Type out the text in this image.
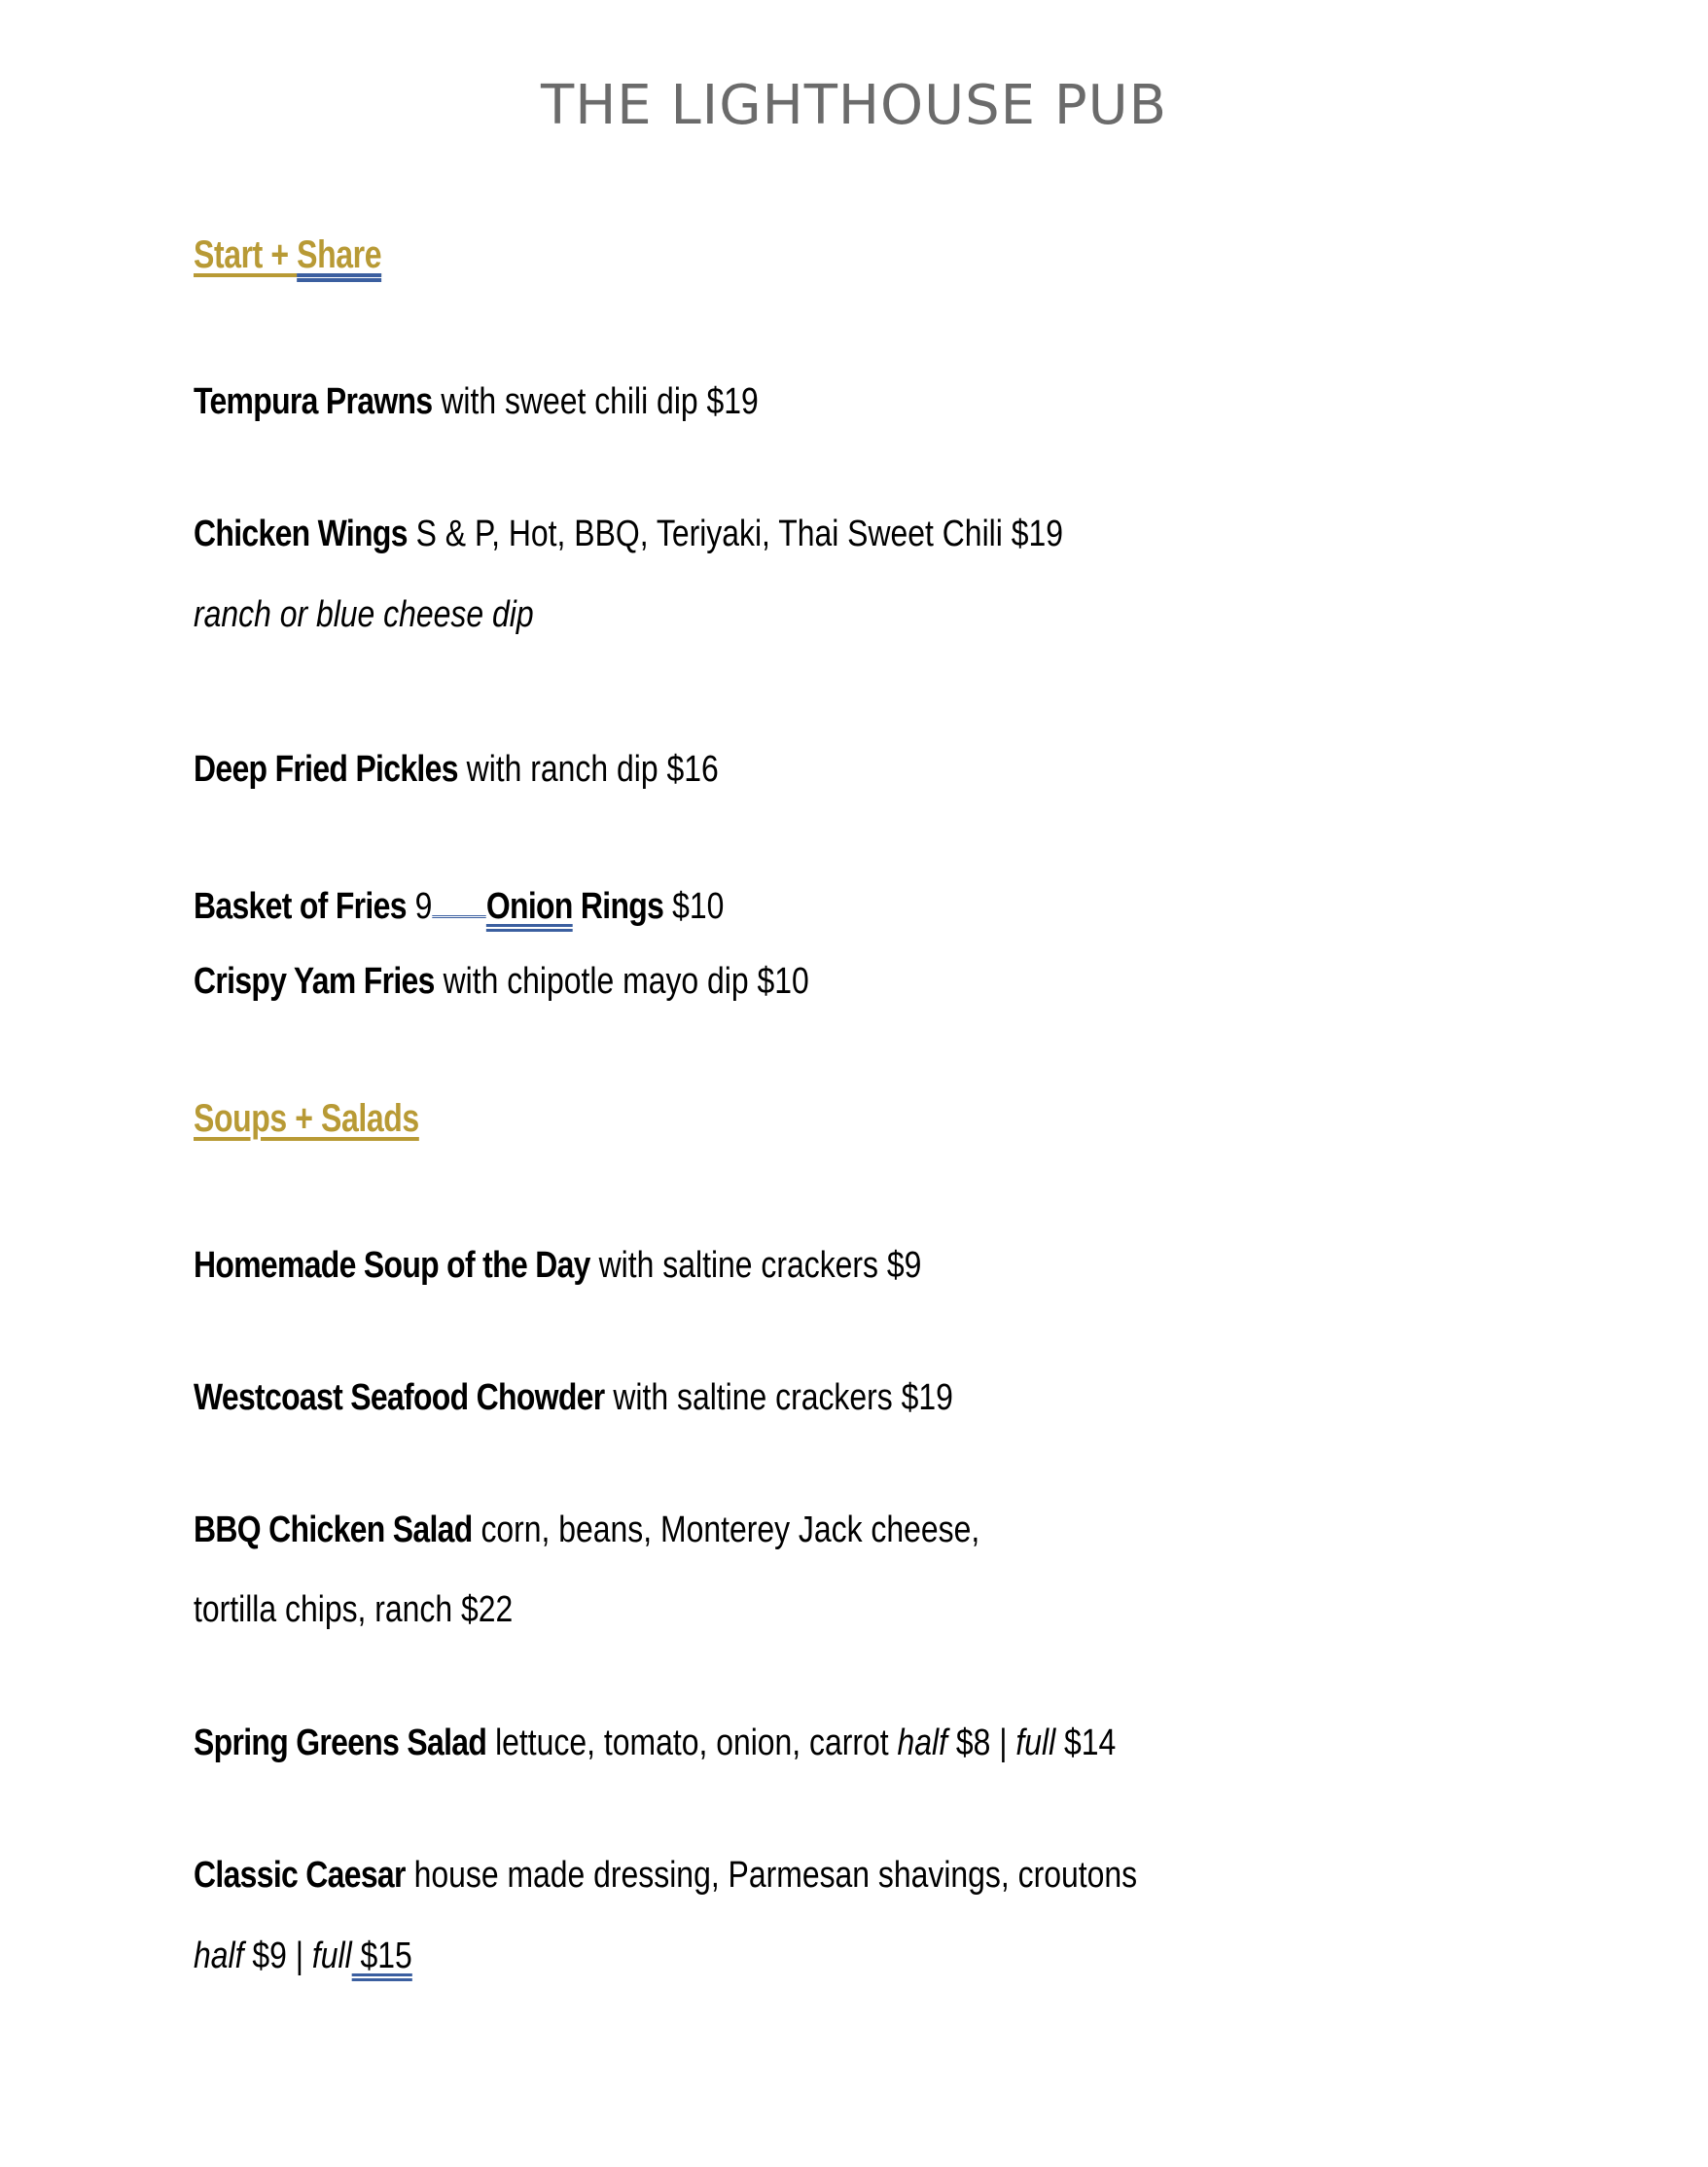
THE LIGHTHOUSE PUB
Start + Share
Tempura Prawns with sweet chili dip $19
Chicken Wings S & P, Hot, BBQ, Teriyaki, Thai Sweet Chili $19
ranch or blue cheese dip
Deep Fried Pickles with ranch dip $16
Basket of Fries 9 Onion Rings $10
Crispy Yam Fries with chipotle mayo dip $10
Soups + Salads
Homemade Soup of the Day with saltine crackers $9
Westcoast Seafood Chowder with saltine crackers $19
BBQ Chicken Salad corn, beans, Monterey Jack cheese,
tortilla chips, ranch $22
Spring Greens Salad lettuce, tomato, onion, carrot half $8 | full $14
Classic Caesar house made dressing, Parmesan shavings, croutons
half $9 | full $15
